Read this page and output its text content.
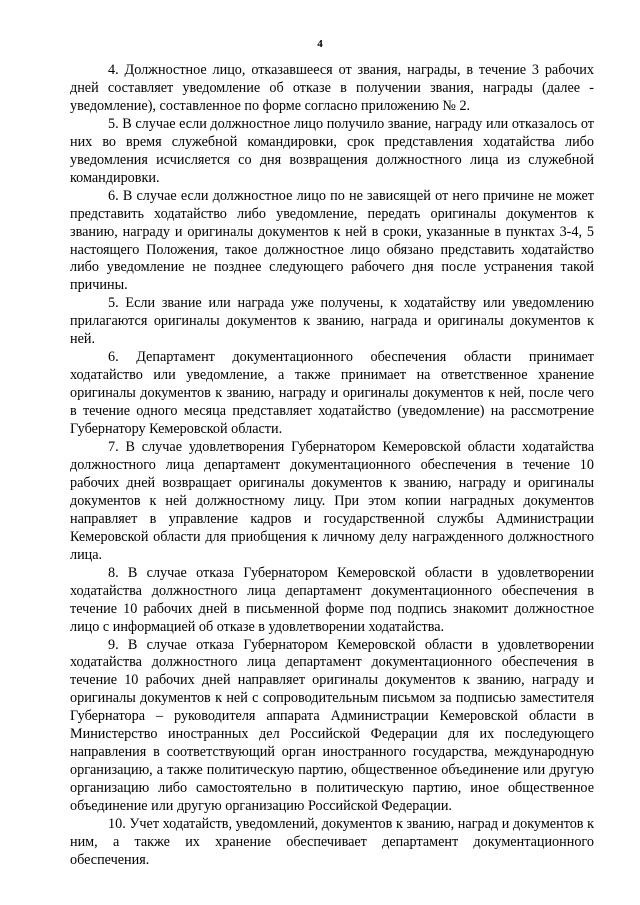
4

4. Должностное лицо, отказавшееся от звания, награды, в течение 3 рабочих дней составляет уведомление об отказе в получении звания, награды (далее - уведомление), составленное по форме согласно приложению № 2.

5. В случае если должностное лицо получило звание, награду или отказалось от них во время служебной командировки, срок представления ходатайства либо уведомления исчисляется со дня возвращения должностного лица из служебной командировки.

6. В случае если должностное лицо по не зависящей от него причине не может представить ходатайство либо уведомление, передать оригиналы документов к званию, награду и оригиналы документов к ней в сроки, указанные в пунктах 3-4, 5 настоящего Положения, такое должностное лицо обязано представить ходатайство либо уведомление не позднее следующего рабочего дня после устранения такой причины.

5. Если звание или награда уже получены, к ходатайству или уведомлению прилагаются оригиналы документов к званию, награда и оригиналы документов к ней.

6. Департамент документационного обеспечения области принимает ходатайство или уведомление, а также принимает на ответственное хранение оригиналы документов к званию, награду и оригиналы документов к ней, после чего в течение одного месяца представляет ходатайство (уведомление) на рассмотрение Губернатору Кемеровской области.

7. В случае удовлетворения Губернатором Кемеровской области ходатайства должностного лица департамент документационного обеспечения в течение 10 рабочих дней возвращает оригиналы документов к званию, награду и оригиналы документов к ней должностному лицу. При этом копии наградных документов направляет в управление кадров и государственной службы Администрации Кемеровской области для приобщения к личному делу награжденного должностного лица.

8. В случае отказа Губернатором Кемеровской области в удовлетворении ходатайства должностного лица департамент документационного обеспечения в течение 10 рабочих дней в письменной форме под подпись знакомит должностное лицо с информацией об отказе в удовлетворении ходатайства.

9. В случае отказа Губернатором Кемеровской области в удовлетворении ходатайства должностного лица департамент документационного обеспечения в течение 10 рабочих дней направляет оригиналы документов к званию, награду и оригиналы документов к ней с сопроводительным письмом за подписью заместителя Губернатора – руководителя аппарата Администрации Кемеровской области в Министерство иностранных дел Российской Федерации для их последующего направления в соответствующий орган иностранного государства, международную организацию, а также политическую партию, общественное объединение или другую организацию либо самостоятельно в политическую партию, иное общественное объединение или другую организацию Российской Федерации.

10. Учет ходатайств, уведомлений, документов к званию, наград и документов к ним, а также их хранение обеспечивает департамент документационного обеспечения.
